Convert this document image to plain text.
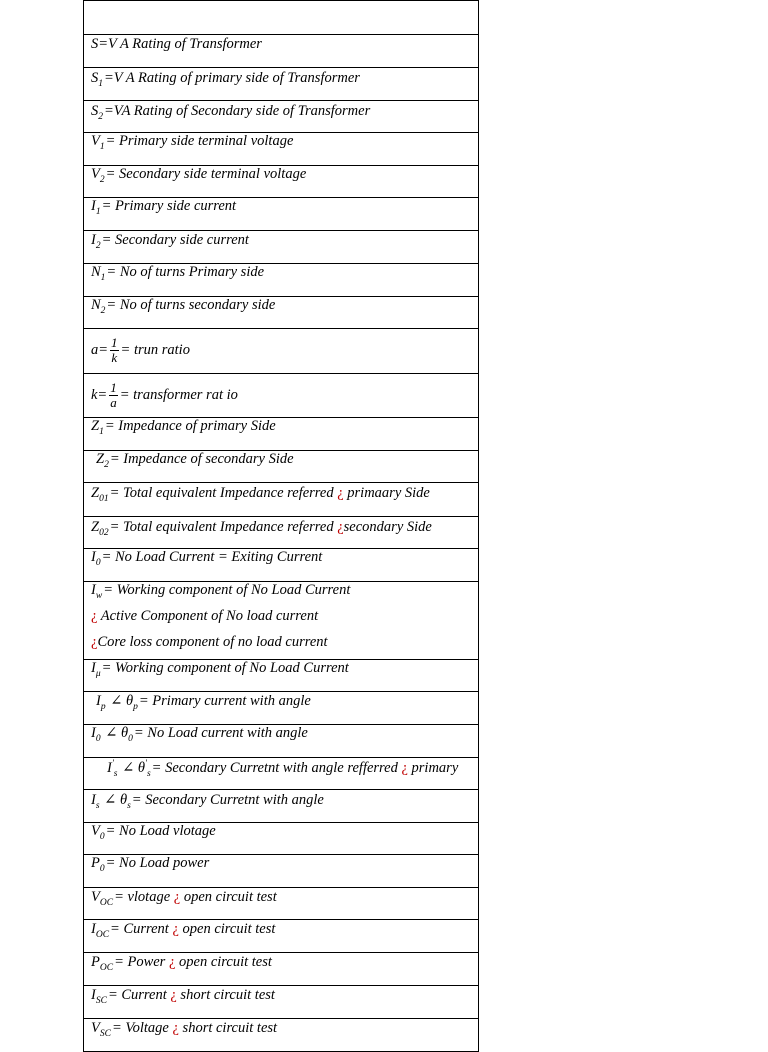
S=V A Rating of Transformer

$S_1=V$ A Rating of primary side of Transformer

$S_2=VA$ Rating of Secondary side of Transformer

$V_1=$ Primary side terminal voltage

$V_2=$ Secondary side terminal voltage

$I_1=$ Primary side current

$I_2=$ Secondary side current

$N_1= No$ of turns Primary side

$N_2= No$ of turns secondary side

$a= \frac{1}{k}$ = trun ratio

$k= \frac{1}{a}$ = transformer rat io

$Z_1=$ Impedance of primary Side

$Z_2=$ Impedance of secondary Side

$Z_{01}=$ Total equivalent Impedance referred ¿ primaary Side

$Z_{02}=$ Total equivalent Impedance referred ¿secondary Side

$I_0= No$ Load Current = Exiting Current

$I_w=$ Working component of No Load Current
¿ Active Component of No load current
¿Core loss component of no load current

$I_\mu=$ Working component of No Load Current

$I_p$ ∠ $\theta_p=$ Primary current with angle

$I_0$ ∠ $\theta_0= No$ Load current with angle

$I'_s$ ∠ $\theta'_s=$ Secondary Curretnt with angle refferred ¿ primary

$I_s$ ∠ $\theta_s=$ Secondary Curretnt with angle

$V_0= No$ Load vlotage

$P_0= No$ Load power

$V_{OC}=$ vlotage ¿ open circuit test

$I_{OC}=$ Current ¿ open circuit test

$P_{OC}=$ Power ¿ open circuit test

$I_{SC}=$ Current ¿ short circuit test

$V_{SC}=$ Voltage ¿ short circuit test
